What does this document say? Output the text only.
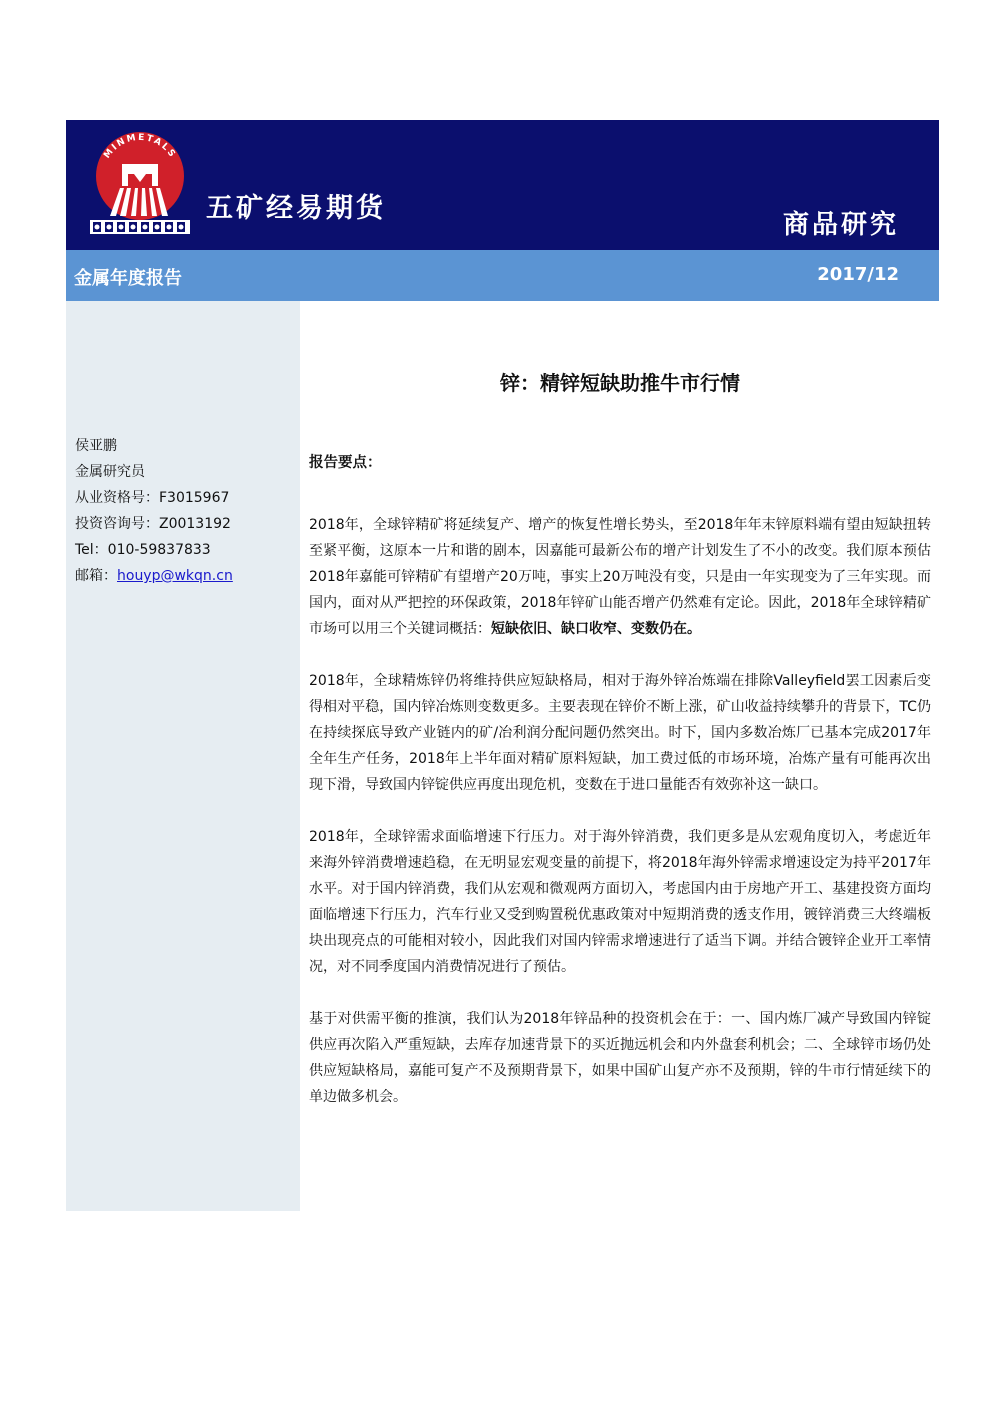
MINMETALS
五矿经易期货
商品研究
金属年度报告	2017/12
侯亚鹏
金属研究员
从业资格号：F3015967
投资咨询号：Z0013192
Tel：010-59837833
邮箱：houyp@wkqn.cn
锌：精锌短缺助推牛市行情
报告要点：

2018年，全球锌精矿将延续复产、增产的恢复性增长势头，至2018年年末锌原料端有望由短缺扭转至紧平衡，这原本一片和谐的剧本，因嘉能可最新公布的增产计划发生了不小的改变。我们原本预估2018年嘉能可锌精矿有望增产20万吨，事实上20万吨没有变，只是由一年实现变为了三年实现。而国内，面对从严把控的环保政策，2018年锌矿山能否增产仍然难有定论。因此，2018年全球锌精矿市场可以用三个关键词概括：短缺依旧、缺口收窄、变数仍在。

2018年，全球精炼锌仍将维持供应短缺格局，相对于海外锌冶炼端在排除Valleyfield罢工因素后变得相对平稳，国内锌冶炼则变数更多。主要表现在锌价不断上涨，矿山收益持续攀升的背景下，TC仍在持续探底导致产业链内的矿/冶利润分配问题仍然突出。时下，国内多数冶炼厂已基本完成2017年全年生产任务，2018年上半年面对精矿原料短缺，加工费过低的市场环境，冶炼产量有可能再次出现下滑，导致国内锌锭供应再度出现危机，变数在于进口量能否有效弥补这一缺口。

2018年，全球锌需求面临增速下行压力。对于海外锌消费，我们更多是从宏观角度切入，考虑近年来海外锌消费增速趋稳，在无明显宏观变量的前提下，将2018年海外锌需求增速设定为持平2017年水平。对于国内锌消费，我们从宏观和微观两方面切入，考虑国内由于房地产开工、基建投资方面均面临增速下行压力，汽车行业又受到购置税优惠政策对中短期消费的透支作用，镀锌消费三大终端板块出现亮点的可能相对较小，因此我们对国内锌需求增速进行了适当下调。并结合镀锌企业开工率情况，对不同季度国内消费情况进行了预估。

基于对供需平衡的推演，我们认为2018年锌品种的投资机会在于：一、国内炼厂减产导致国内锌锭供应再次陷入严重短缺，去库存加速背景下的买近抛远机会和内外盘套利机会；二、全球锌市场仍处供应短缺格局，嘉能可复产不及预期背景下，如果中国矿山复产亦不及预期，锌的牛市行情延续下的单边做多机会。
